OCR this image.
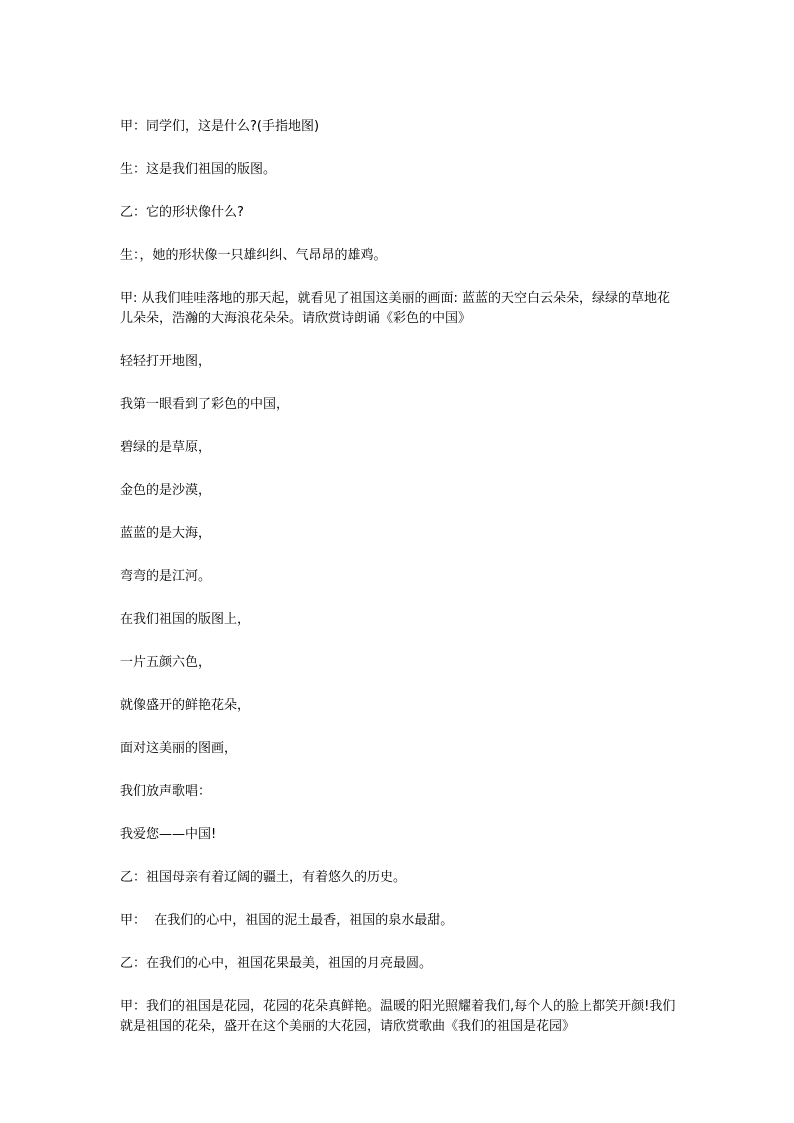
甲：同学们，这是什么?(手指地图)

生：这是我们祖国的版图。

乙：它的形状像什么?

生：，她的形状像一只雄纠纠、气昂昂的雄鸡。

甲: 从我们哇哇落地的那天起，就看见了祖国这美丽的画面: 蓝蓝的天空白云朵朵，绿绿的草地花儿朵朵，浩瀚的大海浪花朵朵。请欣赏诗朗诵《彩色的中国》

轻轻打开地图，

我第一眼看到了彩色的中国，

碧绿的是草原，

金色的是沙漠，

蓝蓝的是大海，

弯弯的是江河。

在我们祖国的版图上，

一片五颜六色，

就像盛开的鲜艳花朵，

面对这美丽的图画，

我们放声歌唱：

我爱您——中国!

乙：祖国母亲有着辽阔的疆土，有着悠久的历史。

甲：  在我们的心中，祖国的泥土最香，祖国的泉水最甜。

乙：在我们的心中，祖国花果最美，祖国的月亮最圆。

甲：我们的祖国是花园，花园的花朵真鲜艳。温暖的阳光照耀着我们,每个人的脸上都笑开颜!我们就是祖国的花朵，盛开在这个美丽的大花园，请欣赏歌曲《我们的祖国是花园》
